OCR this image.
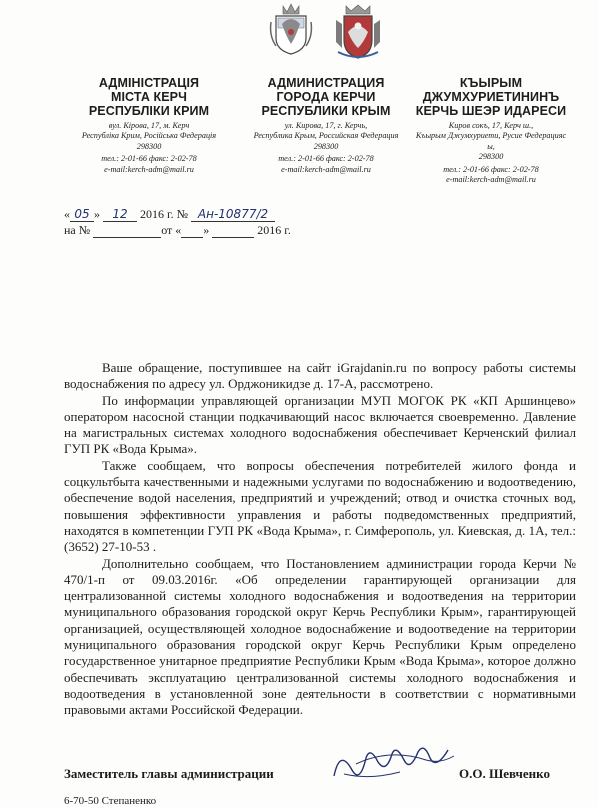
АДМІНІСТРАЦІЯ
МІСТА КЕРЧ
РЕСПУБЛІКИ КРИМ
вул. Кірова, 17, м. Керч
Республіка Крим, Російська Федерація
298300
тел.: 2-01-66 факс: 2-02-78
e-mail:kerch-adm@mail.ru
АДМИНИСТРАЦИЯ
ГОРОДА КЕРЧИ
РЕСПУБЛИКИ КРЫМ
ул. Кирова, 17, г. Керчь,
Республика Крым, Российская Федерация
298300
тел.: 2-01-66 факс: 2-02-78
e-mail:kerch-adm@mail.ru
КЪЫРЫМ
ДЖУМХУРИЕТИНИНЪ
КЕРЧЬ ШЕЭР ИДАРЕСИ
Киров сокъ, 17, Керч ш.,
Къырым Джумхуриети, Русие Федерацияс
ы,
298300
тел.: 2-01-66 факс: 2-02-78
e-mail:kerch-adm@mail.ru
« 05 » 12 2016 г. № Ан-10877/2
на №	от « »	2016 г.

Ваше обращение, поступившее на сайт iGrajdanin.ru по вопросу работы системы водоснабжения по адресу ул. Орджоникидзе д. 17-А, рассмотрено.

По информации управляющей организации МУП МОГОК РК «КП Аршинцево» оператором насосной станции подкачивающий насос включается своевременно. Давление на магистральных системах холодного водоснабжения обеспечивает Керченский филиал ГУП РК «Вода Крыма».

Также сообщаем, что вопросы обеспечения потребителей жилого фонда и соцкультбыта качественными и надежными услугами по водоснабжению и водоотведению, обеспечение водой населения, предприятий и учреждений; отвод и очистка сточных вод, повышения эффективности управления и работы подведомственных предприятий, находятся в компетенции ГУП РК «Вода Крыма», г. Симферополь, ул. Киевская, д. 1А, тел.:(3652) 27-10-53 .

Дополнительно сообщаем, что Постановлением администрации города Керчи № 470/1-п от 09.03.2016г. «Об определении гарантирующей организации для централизованной системы холодного водоснабжения и водоотведения на территории муниципального образования городской округ Керчь Республики Крым», гарантирующей организацией, осуществляющей холодное водоснабжение и водоотведение на территории муниципального образования городской округ Керчь Республики Крым определено государственное унитарное предприятие Республики Крым «Вода Крыма», которое должно обеспечивать эксплуатацию централизованной системы холодного водоснабжения и водоотведения в установленной зоне деятельности в соответствии с нормативными правовыми актами Российской Федерации.

Заместитель главы администрации	О.О. Шевченко
6-70-50 Степаненко
